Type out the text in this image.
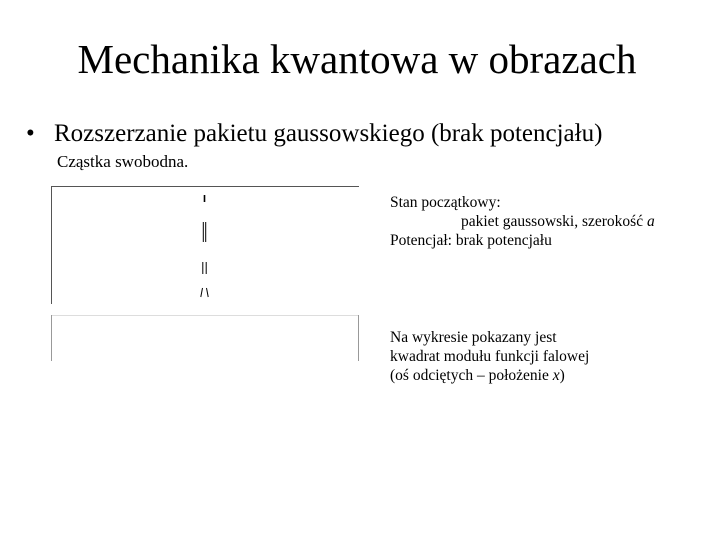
Mechanika kwantowa w obrazach
• Rozszerzanie pakietu gaussowskiego (brak potencjału)
Cząstka swobodna.
Stan początkowy:
pakiet gaussowski, szerokość a
Potencjał: brak potencjału
Na wykresie pokazany jest
kwadrat modułu funkcji falowej
(oś odciętych – położenie x)
